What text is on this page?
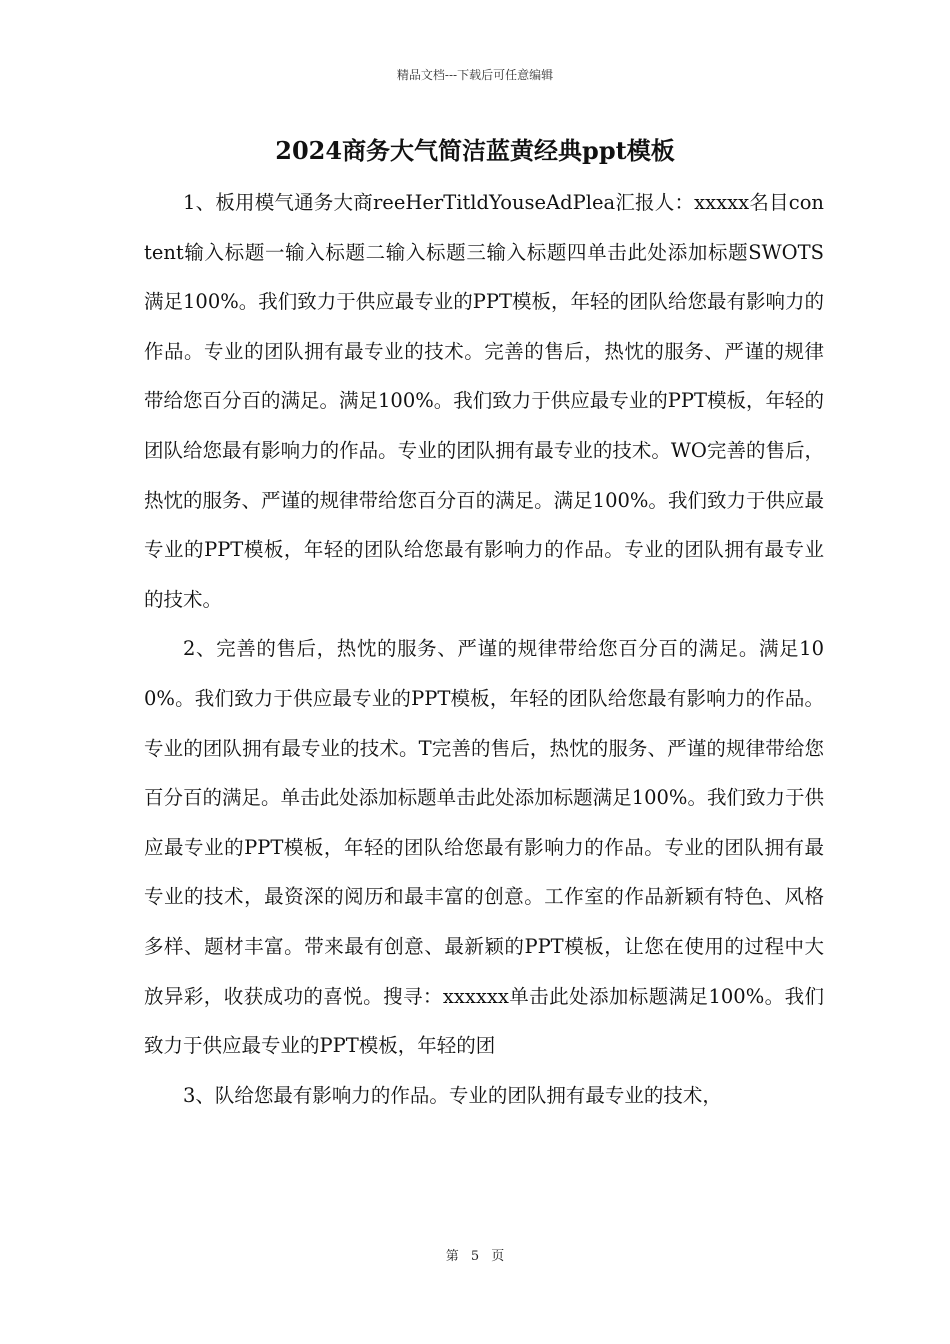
精品文档---下载后可任意编辑
2024商务大气简洁蓝黄经典ppt模板

1、板用模气通务大商reeHerTitldYouseAdPlea汇报人：xxxxx名目content输入标题一输入标题二输入标题三输入标题四单击此处添加标题SWOTS满足100%。我们致力于供应最专业的PPT模板，年轻的团队给您最有影响力的作品。专业的团队拥有最专业的技术。完善的售后，热忱的服务、严谨的规律带给您百分百的满足。满足100%。我们致力于供应最专业的PPT模板，年轻的团队给您最有影响力的作品。专业的团队拥有最专业的技术。WO完善的售后，热忱的服务、严谨的规律带给您百分百的满足。满足100%。我们致力于供应最专业的PPT模板，年轻的团队给您最有影响力的作品。专业的团队拥有最专业的技术。

2、完善的售后，热忱的服务、严谨的规律带给您百分百的满足。满足100%。我们致力于供应最专业的PPT模板，年轻的团队给您最有影响力的作品。专业的团队拥有最专业的技术。T完善的售后，热忱的服务、严谨的规律带给您百分百的满足。单击此处添加标题单击此处添加标题满足100%。我们致力于供应最专业的PPT模板，年轻的团队给您最有影响力的作品。专业的团队拥有最专业的技术，最资深的阅历和最丰富的创意。工作室的作品新颖有特色、风格多样、题材丰富。带来最有创意、最新颖的PPT模板，让您在使用的过程中大放异彩，收获成功的喜悦。搜寻：xxxxxx单击此处添加标题满足100%。我们致力于供应最专业的PPT模板，年轻的团

3、队给您最有影响力的作品。专业的团队拥有最专业的技术，

第 5 页
